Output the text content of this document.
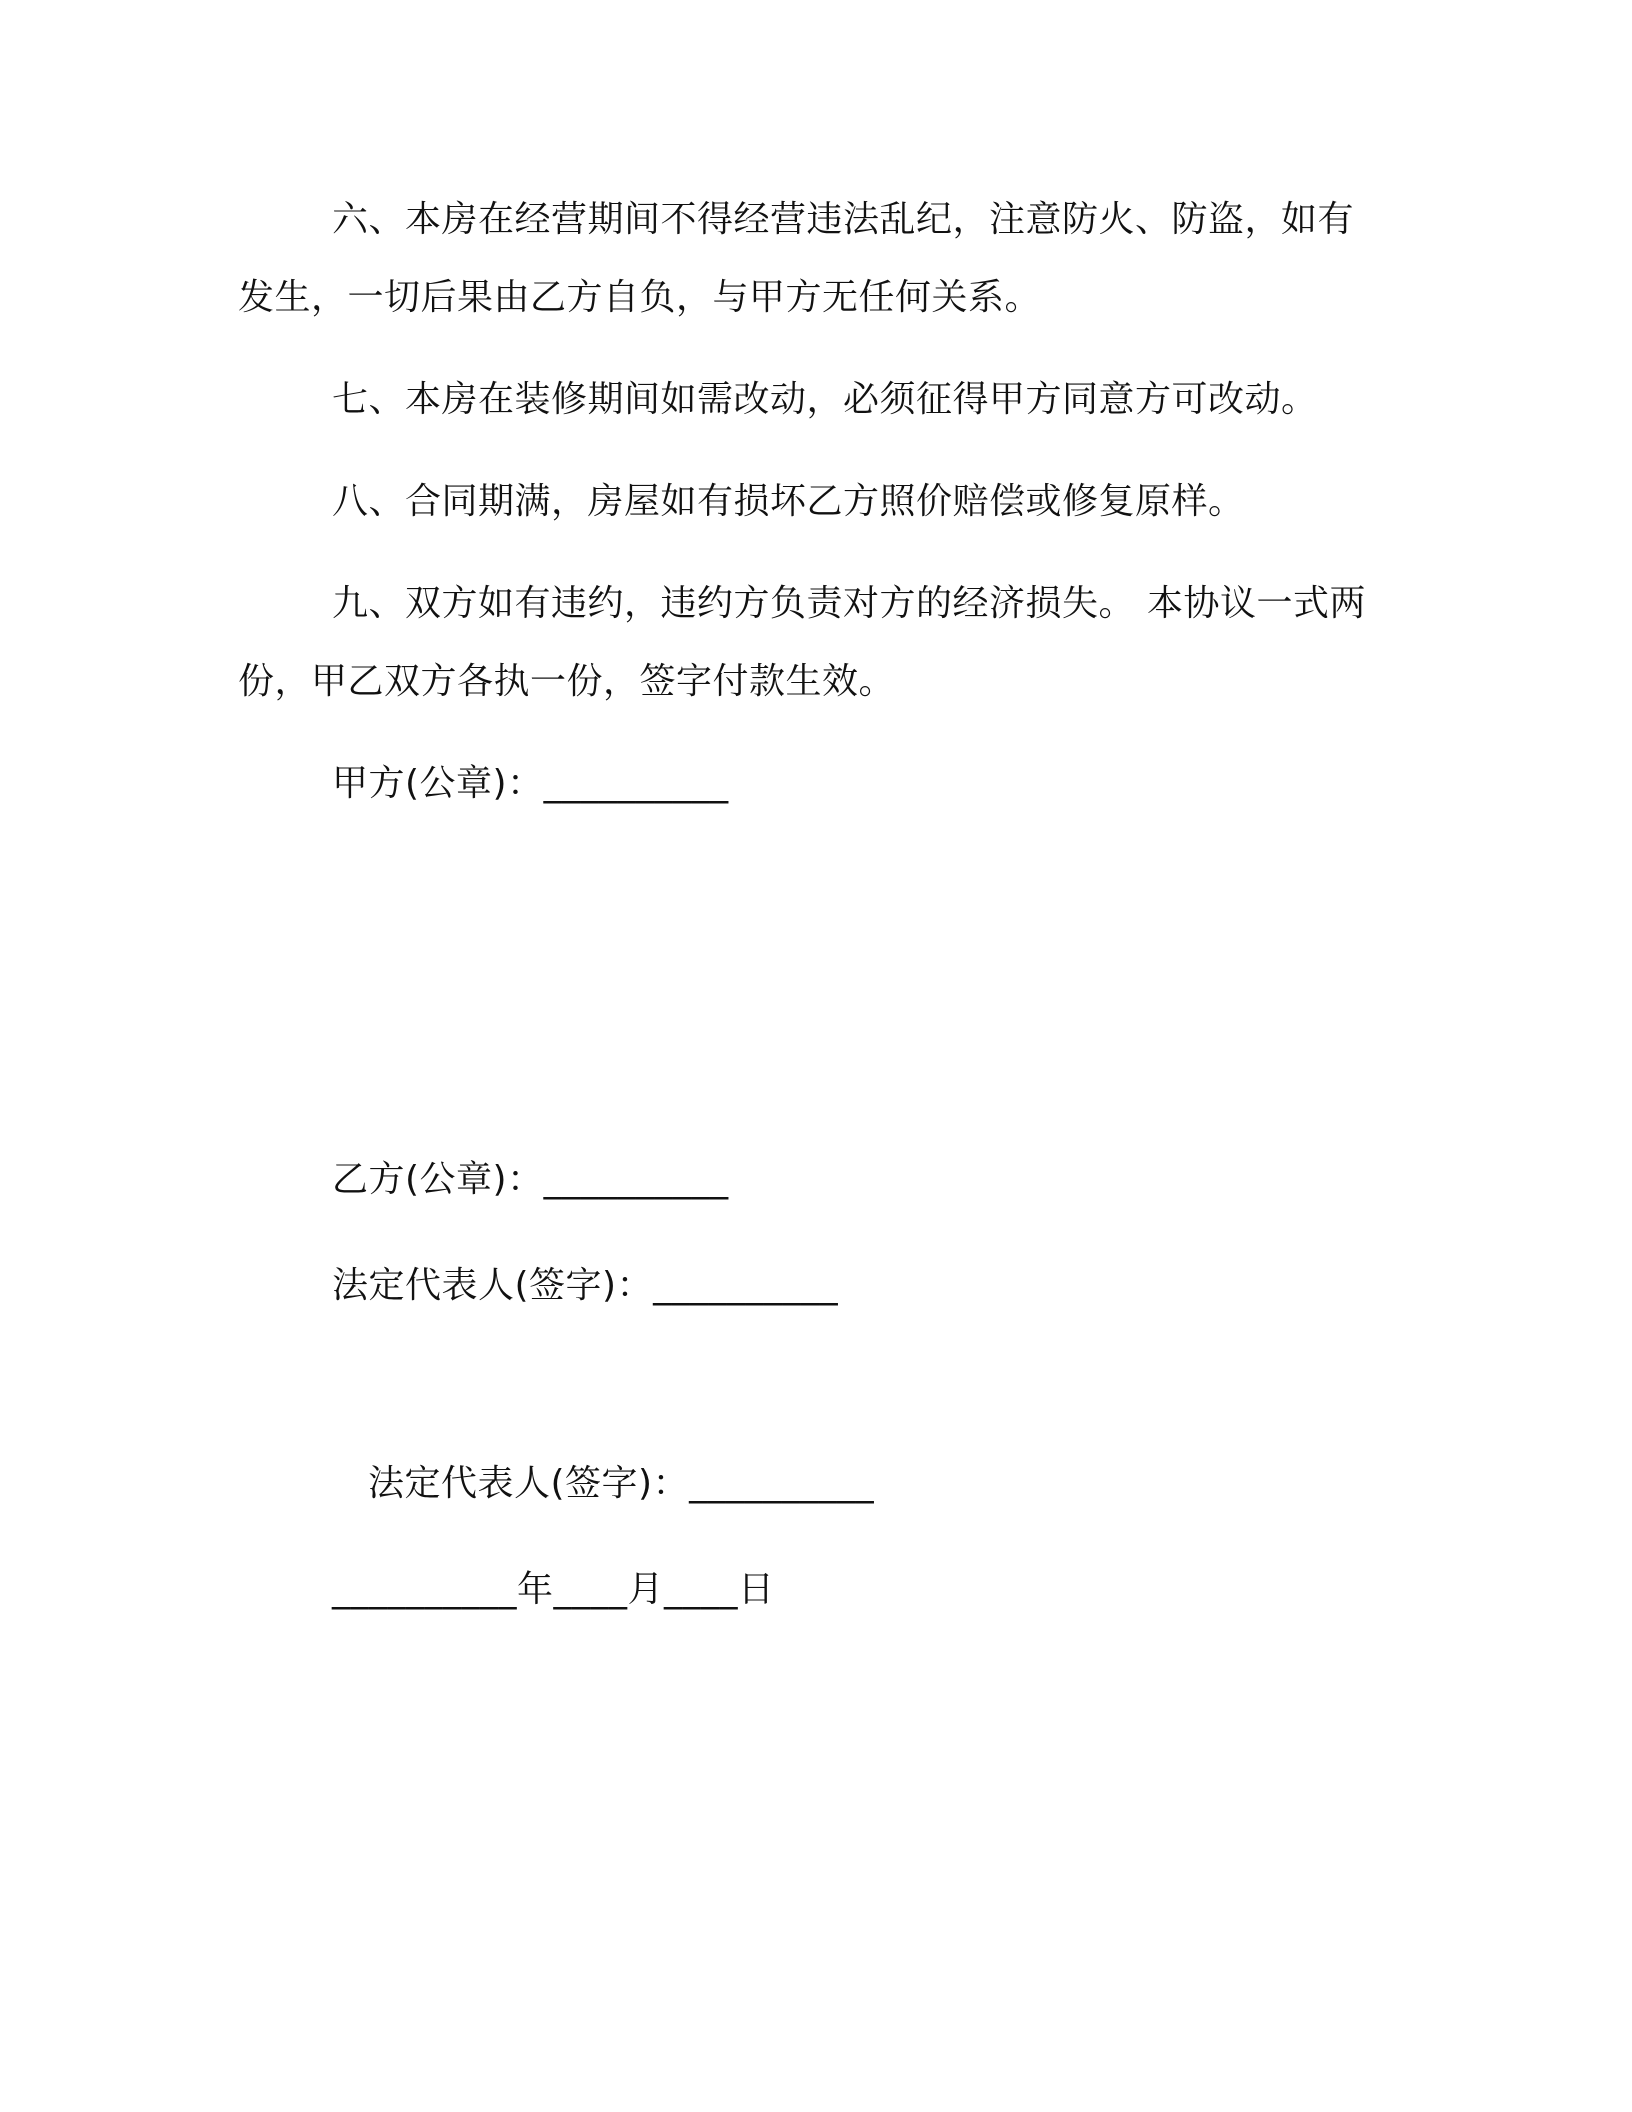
六、本房在经营期间不得经营违法乱纪，注意防火、防盗，如有
发生，一切后果由乙方自负，与甲方无任何关系。
七、本房在装修期间如需改动，必须征得甲方同意方可改动。
八、合同期满，房屋如有损坏乙方照价赔偿或修复原样。
九、双方如有违约，违约方负责对方的经济损失。 本协议一式两
份，甲乙双方各执一份，签字付款生效。
甲方(公章)：__________
乙方(公章)：__________
法定代表人(签字)：__________
法定代表人(签字)：__________
__________年____月____日
